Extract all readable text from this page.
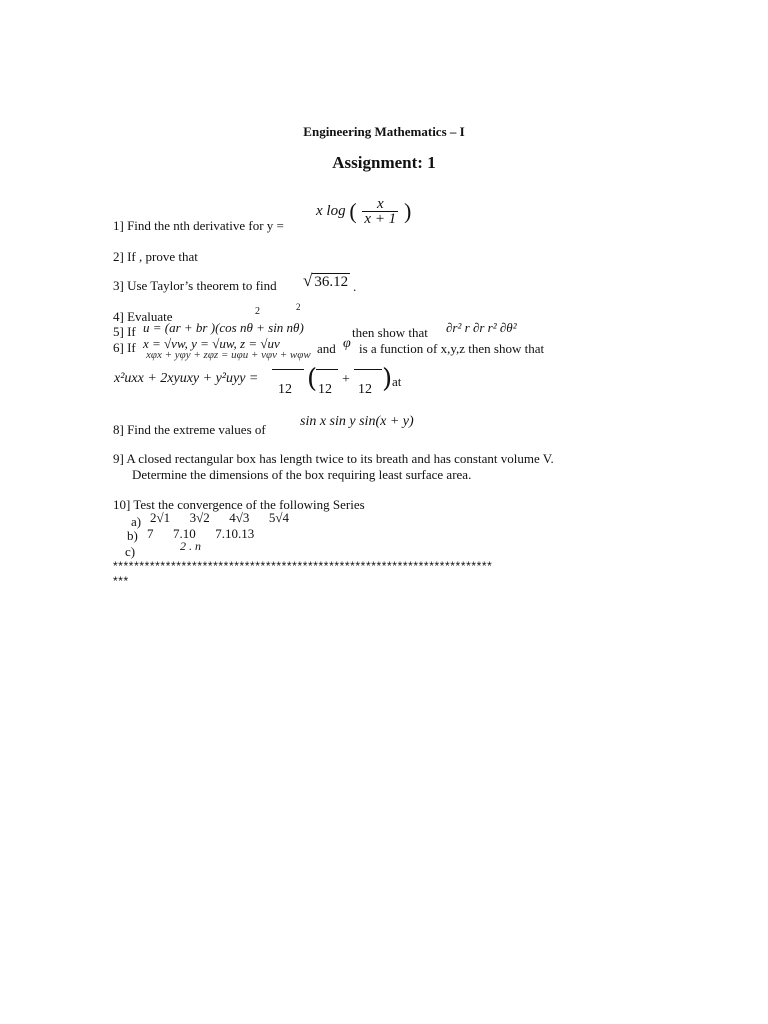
Engineering Mathematics – I
Assignment: 1
1] Find the nth derivative for y =
x log ( $\frac{x}{x + 1}$ )
2] If , prove that
3] Use Taylor’s theorem to find √ 36.12 .
4] Evaluate	2	2
5] If u = (ar + br )(cos nθ + sin nθ)	then show that ∂r² r ∂r r² ∂θ²
6] If x = √vw, y = √uw, z = √uv	and φ is a function of x,y,z then show that
xφx + yφy + zφz = uφu + vφv + wφw
x²uxx + 2xyuxy + y²uyy =
12 ( 12
+
12 ) at
8] Find the extreme values of
sin x sin y sin(x + y)
9] A closed rectangular box has length twice to its breath and has constant volume V.
Determine the dimensions of the box requiring least surface area.
10] Test the convergence of the following Series
a) 2√1      3√2      4√3      5√4
b) 7      7.10      7.10.13
c)	2 . n
************************************************************************
***
